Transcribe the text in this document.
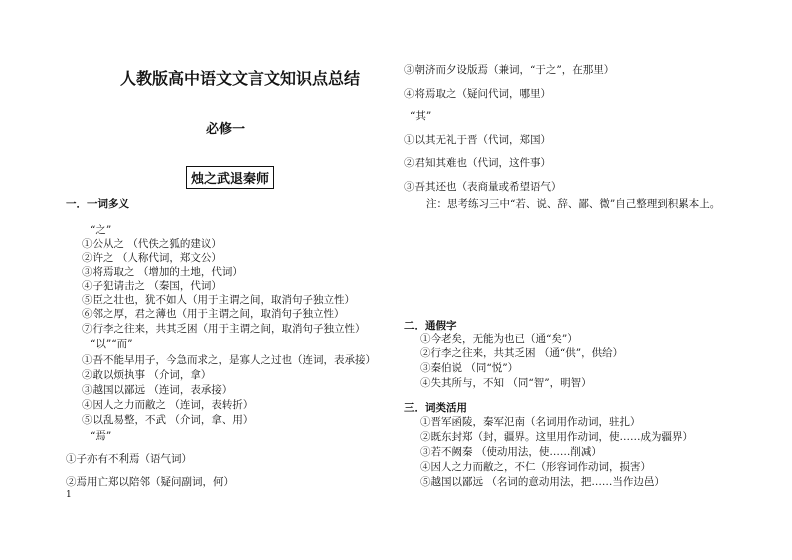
人教版高中语文文言文知识点总结
必修一
烛之武退秦师
一．一词多义
“之”
①公从之 （代佚之狐的建议）
②许之 （人称代词，郑文公）
③将焉取之 （增加的土地，代词）
④子犯请击之 （秦国，代词）
⑤臣之壮也，犹不如人（用于主谓之间，取消句子独立性）
⑥邻之厚，君之薄也（用于主谓之间，取消句子独立性）
⑦行李之往来，共其乏困（用于主谓之间，取消句子独立性）
“以”“而”
①吾不能早用子，今急而求之，是寡人之过也（连词，表承接）
②敢以烦执事 （介词，拿）
③越国以鄙远 （连词，表承接）
④因人之力而敝之 （连词，表转折）
⑤以乱易整，不武 （介词，拿、用）
“焉”
①子亦有不利焉（语气词）
②焉用亡郑以陪邻（疑问副词，何）
1
③朝济而夕设版焉（兼词，“于之”，在那里）
④将焉取之（疑问代词，哪里）
“其”
①以其无礼于晋（代词，郑国）
②君知其难也（代词，这件事）
③吾其还也（表商量或希望语气）
注：思考练习三中“若、说、辞、鄙、微”自己整理到积累本上。
二．通假字
①今老矣，无能为也已（通“矣”）
②行李之往来，共其乏困 （通“供”，供给）
③秦伯说 （同“悦”）
④失其所与，不知 （同“智”，明智）
三．词类活用
①晋军函陵，秦军氾南（名词用作动词，驻扎）
②既东封郑（封，疆界。这里用作动词，使……成为疆界）
③若不阙秦 （使动用法，使……削减）
④因人之力而敝之，不仁（形容词作动词，损害）
⑤越国以鄙远 （名词的意动用法，把……当作边邑）
